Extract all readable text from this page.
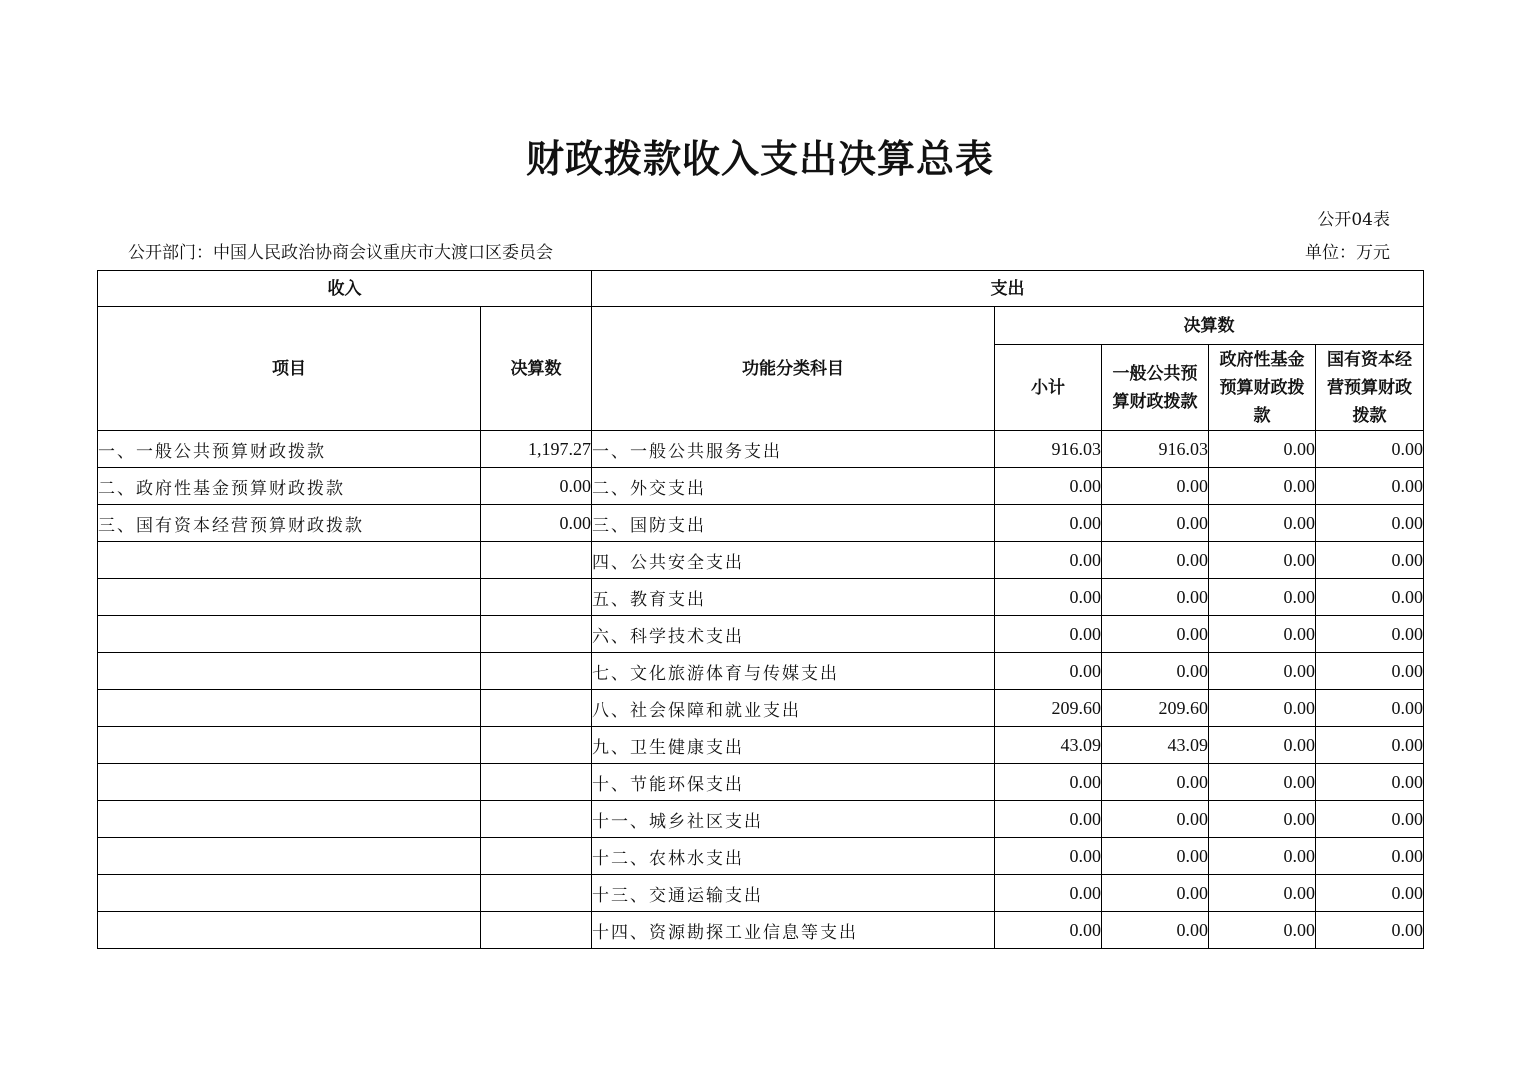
财政拨款收入支出决算总表
公开04表
公开部门：中国人民政治协商会议重庆市大渡口区委员会	单位：万元
收入		支出				
项目	决算数	功能分类科目	决算数			
			小计	一般公共预算财政拨款	政府性基金预算财政拨款	国有资本经营预算财政拨款
一、一般公共预算财政拨款	1,197.27	一、一般公共服务支出	916.03	916.03	0.00	0.00
二、政府性基金预算财政拨款	0.00	二、外交支出	0.00	0.00	0.00	0.00
三、国有资本经营预算财政拨款	0.00	三、国防支出	0.00	0.00	0.00	0.00
		四、公共安全支出	0.00	0.00	0.00	0.00
		五、教育支出	0.00	0.00	0.00	0.00
		六、科学技术支出	0.00	0.00	0.00	0.00
		七、文化旅游体育与传媒支出	0.00	0.00	0.00	0.00
		八、社会保障和就业支出	209.60	209.60	0.00	0.00
		九、卫生健康支出	43.09	43.09	0.00	0.00
		十、节能环保支出	0.00	0.00	0.00	0.00
		十一、城乡社区支出	0.00	0.00	0.00	0.00
		十二、农林水支出	0.00	0.00	0.00	0.00
		十三、交通运输支出	0.00	0.00	0.00	0.00
		十四、资源勘探工业信息等支出	0.00	0.00	0.00	0.00
